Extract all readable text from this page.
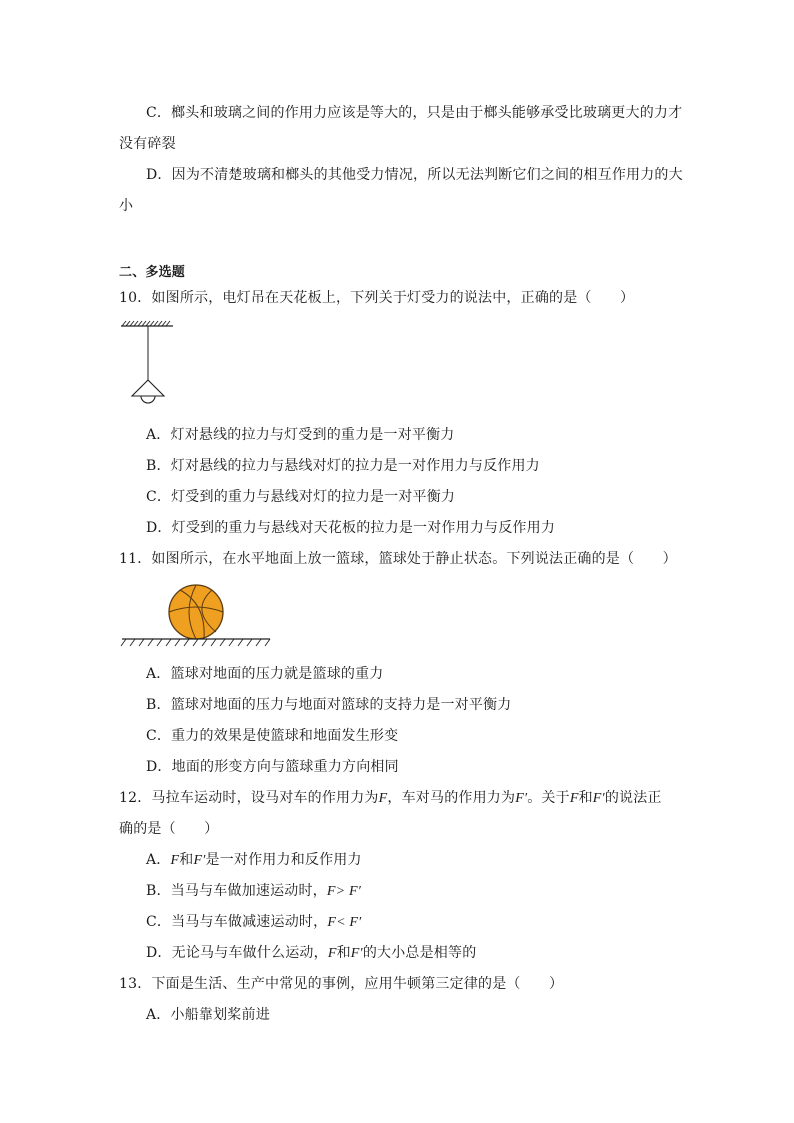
C．榔头和玻璃之间的作用力应该是等大的，只是由于榔头能够承受比玻璃更大的力才
没有碎裂
D．因为不清楚玻璃和榔头的其他受力情况，所以无法判断它们之间的相互作用力的大
小
二、多选题
10．如图所示，电灯吊在天花板上，下列关于灯受力的说法中，正确的是（　　）
A．灯对悬线的拉力与灯受到的重力是一对平衡力
B．灯对悬线的拉力与悬线对灯的拉力是一对作用力与反作用力
C．灯受到的重力与悬线对灯的拉力是一对平衡力
D．灯受到的重力与悬线对天花板的拉力是一对作用力与反作用力
11．如图所示，在水平地面上放一篮球，篮球处于静止状态。下列说法正确的是（　　）
A．篮球对地面的压力就是篮球的重力
B．篮球对地面的压力与地面对篮球的支持力是一对平衡力
C．重力的效果是使篮球和地面发生形变
D．地面的形变方向与篮球重力方向相同
12．马拉车运动时，设马对车的作用力为F，车对马的作用力为F′。关于F和F′的说法正
确的是（　　）
A．F和F′是一对作用力和反作用力
B．当马与车做加速运动时，F> F′
C．当马与车做减速运动时，F< F′
D．无论马与车做什么运动，F和F′的大小总是相等的
13．下面是生活、生产中常见的事例，应用牛顿第三定律的是（　　）
A．小船靠划桨前进
